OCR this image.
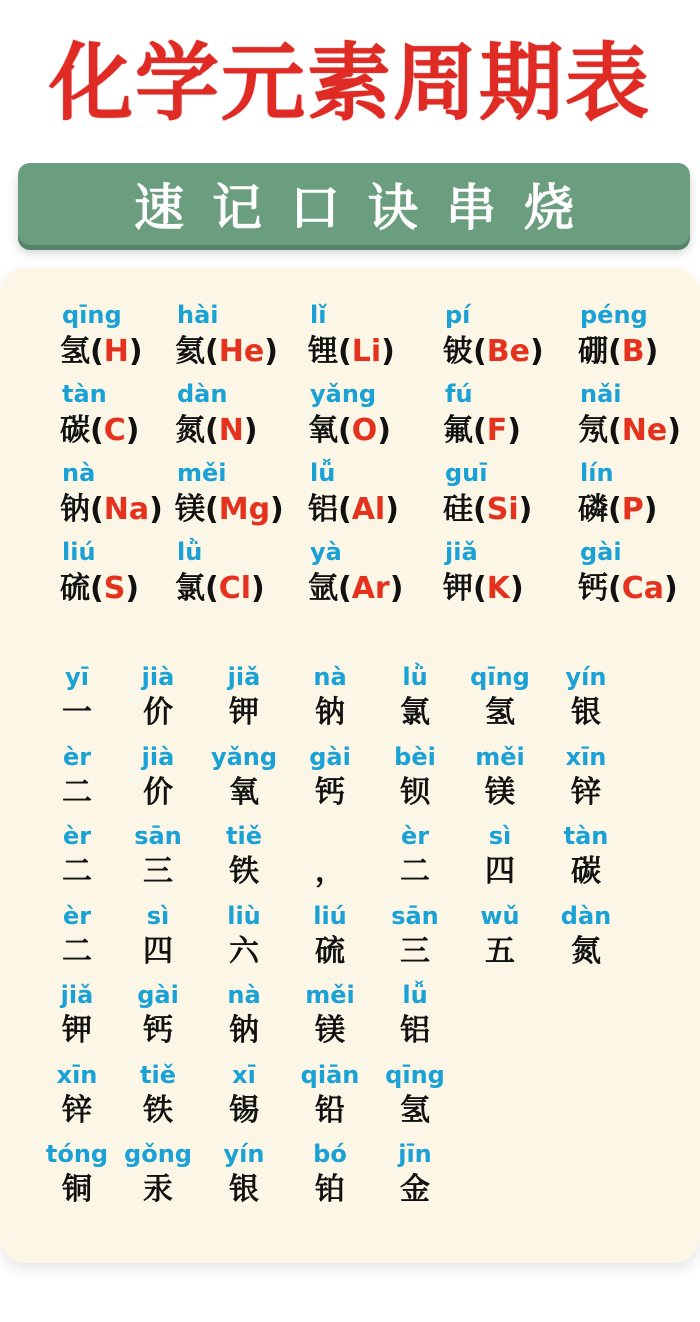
化学元素周期表
速记口诀串烧
qīng
氢(H)
hài
氦(He)
lǐ
锂(Li)
pí
铍(Be)
péng
硼(B)
tàn
碳(C)
dàn
氮(N)
yǎng
氧(O)
fú
氟(F)
nǎi
氖(Ne)
nà
钠(Na)
měi
镁(Mg)
lǚ
铝(Al)
guī
硅(Si)
lín
磷(P)
liú
硫(S)
lǜ
氯(Cl)
yà
氩(Ar)
jiǎ
钾(K)
gài
钙(Ca)
yī
一
jià
价
jiǎ
钾
nà
钠
lǜ
氯
qīng
氢
yín
银
èr
二
jià
价
yǎng
氧
gài
钙
bèi
钡
měi
镁
xīn
锌
èr
二
sān
三
tiě
铁	，
èr
二
sì
四
tàn
碳
èr
二
sì
四
liù
六
liú
硫
sān
三
wǔ
五
dàn
氮
jiǎ
钾
gài
钙
nà
钠
měi
镁
lǚ
铝
xīn
锌
tiě
铁
xī
锡
qiān
铅
qīng
氢
tóng
铜
gǒng
汞
yín
银
bó
铂
jīn
金
